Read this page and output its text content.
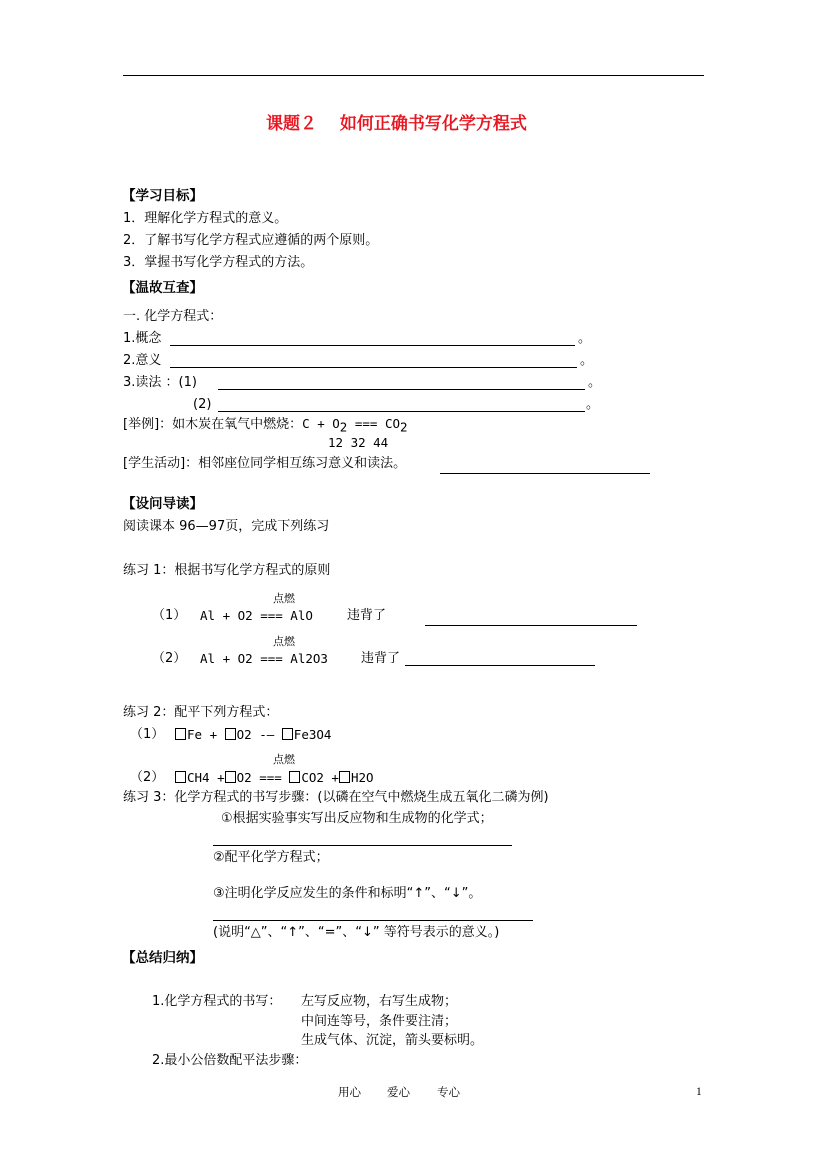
课题２　 如何正确书写化学方程式
【学习目标】
1．理解化学方程式的意义。
2．了解书写化学方程式应遵循的两个原则。
3．掌握书写化学方程式的方法。
【温故互查】
一. 化学方程式：
1.概念	。
2.意义	。
3.读法 ：(1)	。
(2)	。
[举例]：如木炭在氧气中燃烧：$C + O_2$ === $CO_2$
12 32 44
[学生活动]：相邻座位同学相互练习意义和读法。
【设问导读】
阅读课本 96—97页，完成下列练习
练习 1：根据书写化学方程式的原则
点燃
（1） Al + O2 === AlO	违背了
点燃
（2） Al + O2 === Al2O3	违背了
练习 2：配平下列方程式：
（1）	Fe + O2 -— Fe3O4
点燃
（2）	CH4 + O2 === CO2 + H2O
练习 3：化学方程式的书写步骤：(以磷在空气中燃烧生成五氧化二磷为例)
①根据实验事实写出反应物和生成物的化学式；
②配平化学方程式；
③注明化学反应发生的条件和标明“↑”、“↓”。
(说明“△”、“↑”、“=”、“↓” 等符号表示的意义。)
【总结归纳】
1.化学方程式的书写： 左写反应物，右写生成物；
中间连等号，条件要注清；
生成气体、沉淀，箭头要标明。
2.最小公倍数配平法步骤：
用心 爱心 专心	1
